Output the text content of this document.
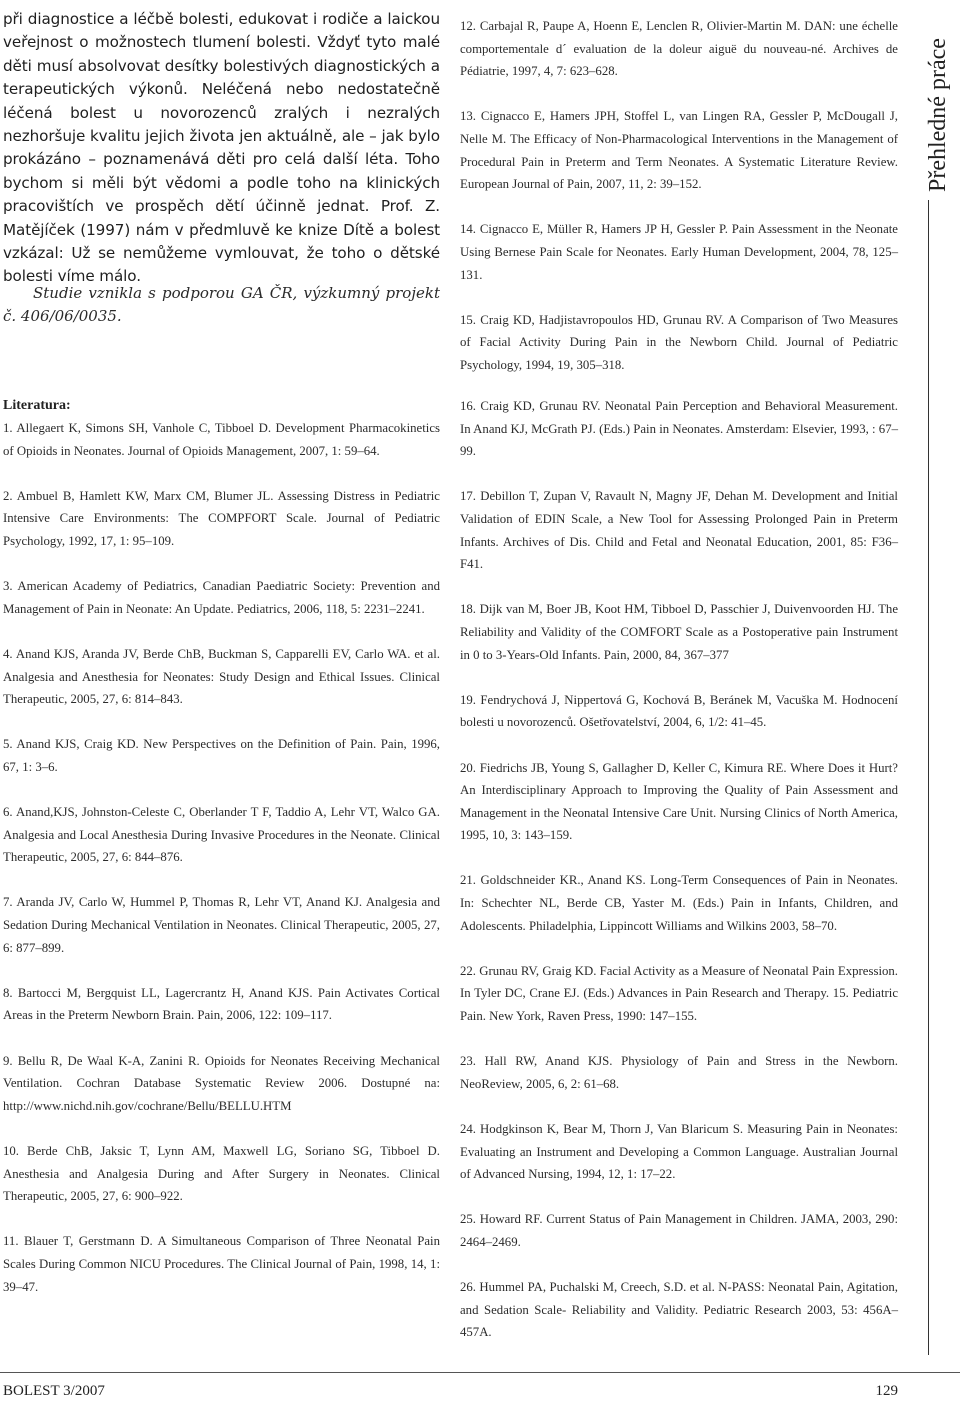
při diagnostice a léčbě bolesti, edukovat i rodiče a laickou veřejnost o možnostech tlumení bolesti. Vždyť tyto malé děti musí absolvovat desítky bolestivých diagnostických a terapeutických výkonů. Neléčená nebo nedostatečně léčená bolest u novorozenců zralých i nezralých nezhoršuje kvalitu jejich života jen aktuálně, ale – jak bylo prokázáno – poznamenává děti pro celá další léta. Toho bychom si měli být vědomi a podle toho na klinických pracovištích ve prospěch dětí účinně jednat. Prof. Z. Matějíček (1997) nám v předmluvě ke knize Dítě a bolest vzkázal: Už se nemůžeme vymlouvat, že toho o dětské bolesti víme málo.
Studie vznikla s podporou GA ČR, výzkumný projekt č. 406/06/0035.
Literatura:
1. Allegaert K, Simons SH, Vanhole C, Tibboel D. Development Pharmacokinetics of Opioids in Neonates. Journal of Opioids Management, 2007, 1: 59–64.
2. Ambuel B, Hamlett KW, Marx CM, Blumer JL. Assessing Distress in Pediatric Intensive Care Environments: The COMPFORT Scale. Journal of Pediatric Psychology, 1992, 17, 1: 95–109.
3. American Academy of Pediatrics, Canadian Paediatric Society: Prevention and Management of Pain in Neonate: An Update. Pediatrics, 2006, 118, 5: 2231–2241.
4. Anand KJS, Aranda JV, Berde ChB, Buckman S, Capparelli EV, Carlo WA. et al. Analgesia and Anesthesia for Neonates: Study Design and Ethical Issues. Clinical Therapeutic, 2005, 27, 6: 814–843.
5. Anand KJS, Craig KD. New Perspectives on the Definition of Pain. Pain, 1996, 67, 1: 3–6.
6. Anand,KJS, Johnston-Celeste C, Oberlander T F, Taddio A, Lehr VT, Walco GA. Analgesia and Local Anesthesia During Invasive Procedures in the Neonate. Clinical Therapeutic, 2005, 27, 6: 844–876.
7. Aranda JV, Carlo W, Hummel P, Thomas R, Lehr VT, Anand KJ. Analgesia and Sedation During Mechanical Ventilation in Neonates. Clinical Therapeutic, 2005, 27, 6: 877–899.
8. Bartocci M, Bergquist LL, Lagercrantz H, Anand KJS. Pain Activates Cortical Areas in the Preterm Newborn Brain. Pain, 2006, 122: 109–117.
9. Bellu R, De Waal K-A, Zanini R. Opioids for Neonates Receiving Mechanical Ventilation. Cochran Database Systematic Review 2006. Dostupné na: http://www.nichd.nih.gov/cochrane/Bellu/BELLU.HTM
10. Berde ChB, Jaksic T, Lynn AM, Maxwell LG, Soriano SG, Tibboel D. Anesthesia and Analgesia During and After Surgery in Neonates. Clinical Therapeutic, 2005, 27, 6: 900–922.
11. Blauer T, Gerstmann D. A Simultaneous Comparison of Three Neonatal Pain Scales During Common NICU Procedures. The Clinical Journal of Pain, 1998, 14, 1: 39–47.
12. Carbajal R, Paupe A, Hoenn E, Lenclen R, Olivier-Martin M. DAN: une échelle comportementale d´ evaluation de la doleur aiguë du nouveau-né. Archives de Pédiatrie, 1997, 4, 7: 623–628.
13. Cignacco E, Hamers JPH, Stoffel L, van Lingen RA, Gessler P, McDougall J, Nelle M. The Efficacy of Non-Pharmacological Interventions in the Management of Procedural Pain in Preterm and Term Neonates. A Systematic Literature Review. European Journal of Pain, 2007, 11, 2: 39–152.
14. Cignacco E, Müller R, Hamers JP H, Gessler P. Pain Assessment in the Neonate Using Bernese Pain Scale for Neonates. Early Human Development, 2004, 78, 125–131.
15. Craig KD, Hadjistavropoulos HD, Grunau RV. A Comparison of Two Measures of Facial Activity During Pain in the Newborn Child. Journal of Pediatric Psychology, 1994, 19, 305–318.
16. Craig KD, Grunau RV. Neonatal Pain Perception and Behavioral Measurement. In Anand KJ, McGrath PJ. (Eds.) Pain in Neonates. Amsterdam: Elsevier, 1993, : 67–99.
17. Debillon T, Zupan V, Ravault N, Magny JF, Dehan M. Development and Initial Validation of EDIN Scale, a New Tool for Assessing Prolonged Pain in Preterm Infants. Archives of Dis. Child and Fetal and Neonatal Education, 2001, 85: F36–F41.
18. Dijk van M, Boer JB, Koot HM, Tibboel D, Passchier J, Duivenvoorden HJ. The Reliability and Validity of the COMFORT Scale as a Postoperative pain Instrument in 0 to 3-Years-Old Infants. Pain, 2000, 84, 367–377
19. Fendrychová J, Nippertová G, Kochová B, Beránek M, Vacuška M. Hodnocení bolesti u novorozenců. Ošetřovatelství, 2004, 6, 1/2: 41–45.
20. Fiedrichs JB, Young S, Gallagher D, Keller C, Kimura RE. Where Does it Hurt? An Interdisciplinary Approach to Improving the Quality of Pain Assessment and Management in the Neonatal Intensive Care Unit. Nursing Clinics of North America, 1995, 10, 3: 143–159.
21. Goldschneider KR., Anand KS. Long-Term Consequences of Pain in Neonates. In: Schechter NL, Berde CB, Yaster M. (Eds.) Pain in Infants, Children, and Adolescents. Philadelphia, Lippincott Williams and Wilkins 2003, 58–70.
22. Grunau RV, Graig KD. Facial Activity as a Measure of Neonatal Pain Expression. In Tyler DC, Crane EJ. (Eds.) Advances in Pain Research and Therapy. 15. Pediatric Pain. New York, Raven Press, 1990: 147–155.
23. Hall RW, Anand KJS. Physiology of Pain and Stress in the Newborn. NeoReview, 2005, 6, 2: 61–68.
24. Hodgkinson K, Bear M, Thorn J, Van Blaricum S. Measuring Pain in Neonates: Evaluating an Instrument and Developing a Common Language. Australian Journal of Advanced Nursing, 1994, 12, 1: 17–22.
25. Howard RF. Current Status of Pain Management in Children. JAMA, 2003, 290: 2464–2469.
26. Hummel PA, Puchalski M, Creech, S.D. et al. N-PASS: Neonatal Pain, Agitation, and Sedation Scale- Reliability and Validity. Pediatric Research 2003, 53: 456A–457A.
Přehledné práce
BOLEST 3/2007	129
